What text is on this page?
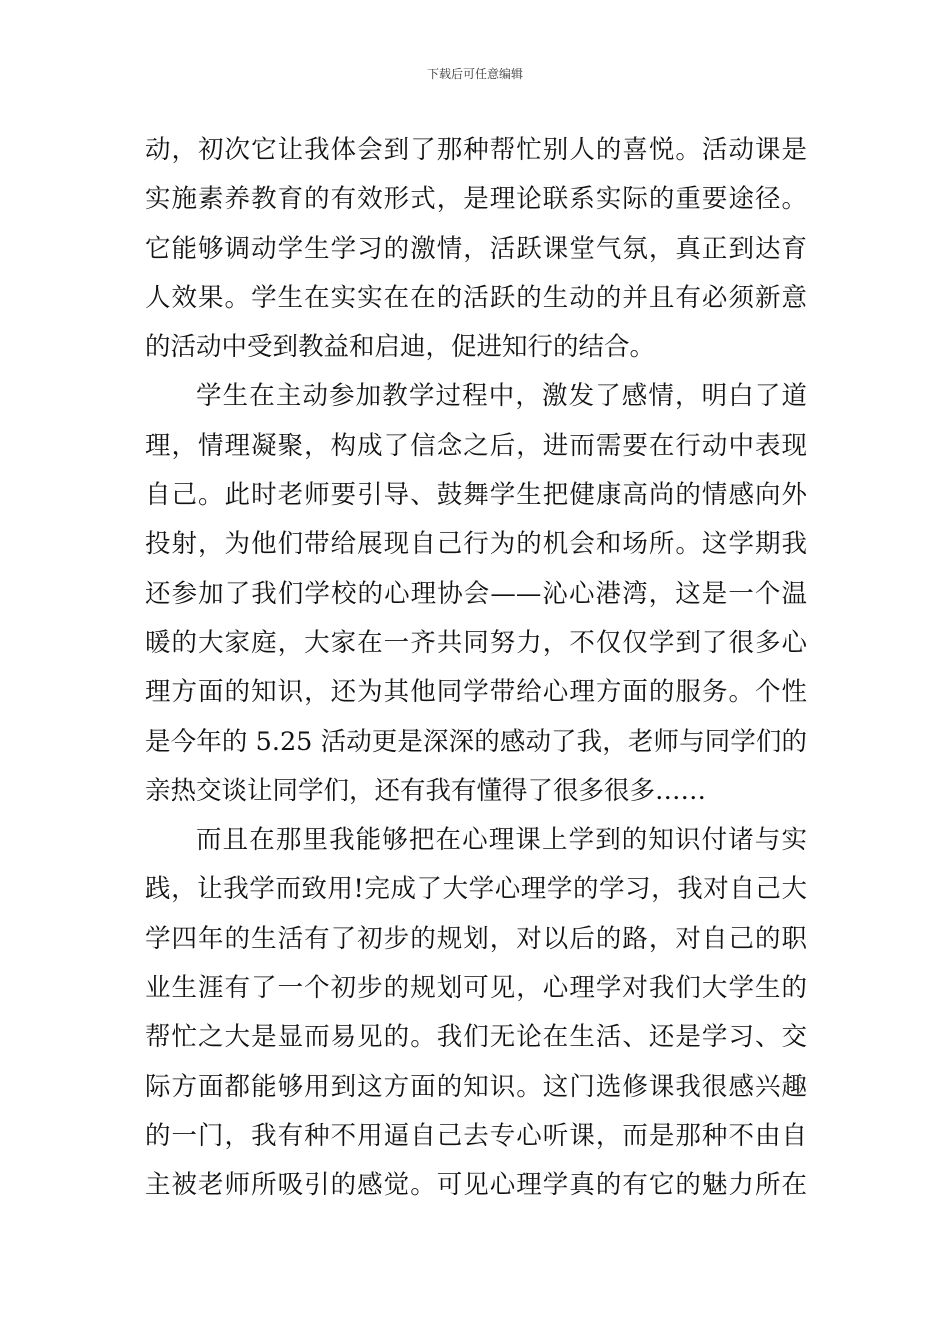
下载后可任意编辑
动，初次它让我体会到了那种帮忙别人的喜悦。活动课是
实施素养教育的有效形式，是理论联系实际的重要途径。
它能够调动学生学习的激情，活跃课堂气氛，真正到达育
人效果。学生在实实在在的活跃的生动的并且有必须新意
的活动中受到教益和启迪，促进知行的结合。
学生在主动参加教学过程中，激发了感情，明白了道
理，情理凝聚，构成了信念之后，进而需要在行动中表现
自己。此时老师要引导、鼓舞学生把健康高尚的情感向外
投射，为他们带给展现自己行为的机会和场所。这学期我
还参加了我们学校的心理协会——沁心港湾，这是一个温
暖的大家庭，大家在一齐共同努力，不仅仅学到了很多心
理方面的知识，还为其他同学带给心理方面的服务。个性
是今年的 5.25 活动更是深深的感动了我，老师与同学们的
亲热交谈让同学们，还有我有懂得了很多很多……
而且在那里我能够把在心理课上学到的知识付诸与实
践，让我学而致用!完成了大学心理学的学习，我对自己大
学四年的生活有了初步的规划，对以后的路，对自己的职
业生涯有了一个初步的规划可见，心理学对我们大学生的
帮忙之大是显而易见的。我们无论在生活、还是学习、交
际方面都能够用到这方面的知识。这门选修课我很感兴趣
的一门，我有种不用逼自己去专心听课，而是那种不由自
主被老师所吸引的感觉。可见心理学真的有它的魅力所在
